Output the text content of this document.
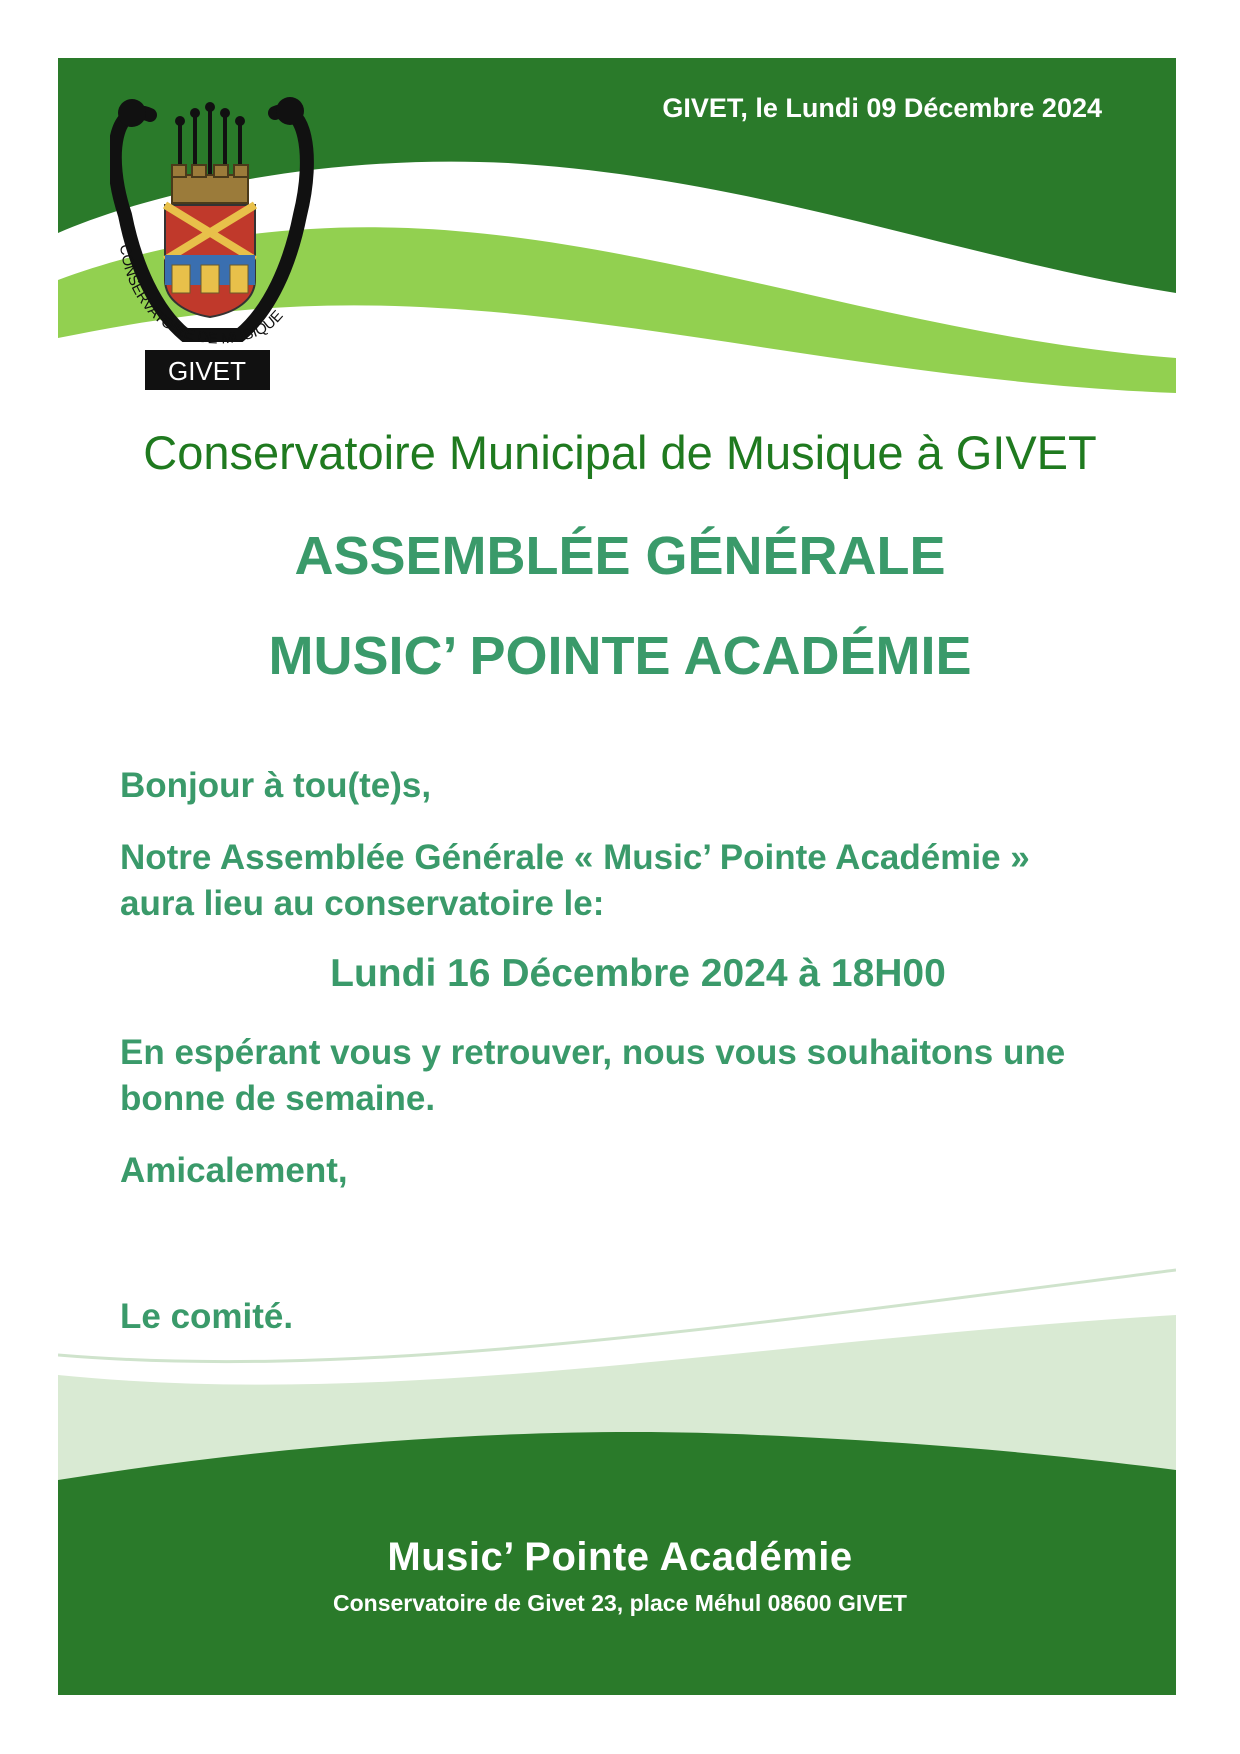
CONSERVATOIRE DE MUSIQUE
GIVET
GIVET, le Lundi 09 Décembre 2024
Conservatoire Municipal de Musique à GIVET
ASSEMBLÉE GÉNÉRALE
MUSIC’ POINTE ACADÉMIE
Bonjour à tou(te)s,
Notre Assemblée Générale « Music’ Pointe Académie »
aura lieu au conservatoire le:
Lundi 16 Décembre 2024 à 18H00
En espérant vous y retrouver, nous vous souhaitons une
bonne de semaine.
Amicalement,
Le comité.
Music’ Pointe Académie
Conservatoire de Givet 23, place Méhul 08600 GIVET
